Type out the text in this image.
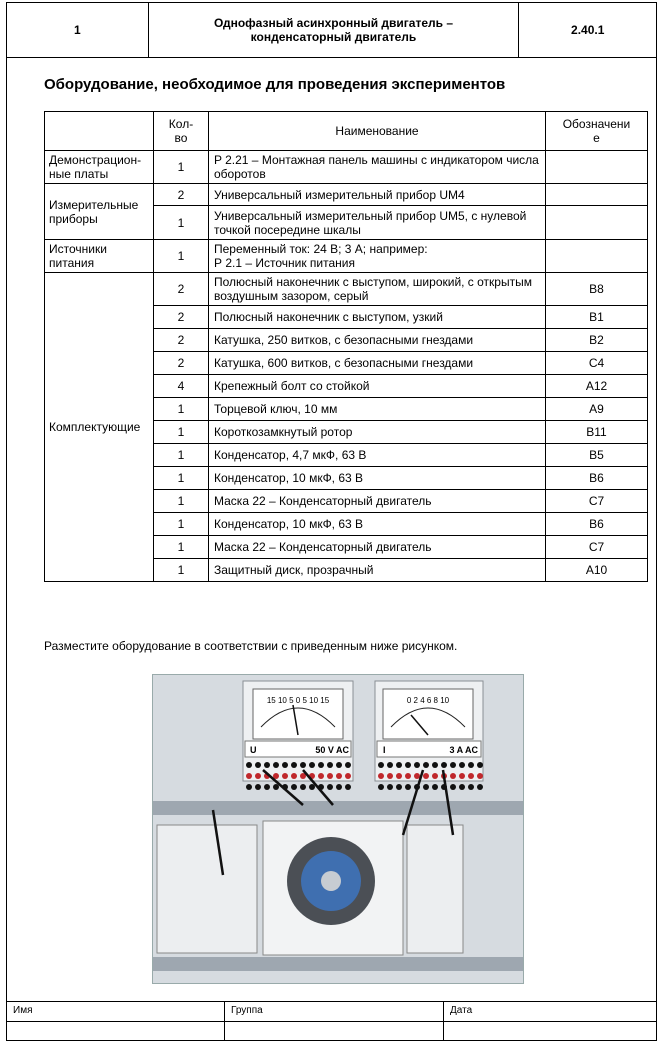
1	Однофазный асинхронный двигатель –
конденсаторный двигатель	2.40.1
Оборудование, необходимое для проведения экспериментов
	Кол-
во	Наименование	Обозначени
е
Демонстрацион-
ные платы	1	P 2.21 – Монтажная панель машины с индикатором числа оборотов	
Измерительные приборы	2	Универсальный измерительный прибор UM4	
	1	Универсальный измерительный прибор UM5, с нулевой точкой посередине шкалы	
Источники питания	1	Переменный ток: 24 В; 3 А; например:
Р 2.1 – Источник питания	
Комплектующие	2	Полюсный наконечник с выступом, широкий, с открытым воздушным зазором, серый	B8
	2	Полюсный наконечник с выступом, узкий	B1
	2	Катушка, 250 витков, с безопасными гнездами	B2
	2	Катушка, 600 витков, с безопасными гнездами	C4
	4	Крепежный болт со стойкой	A12
	1	Торцевой ключ, 10 мм	A9
	1	Короткозамкнутый ротор	B11
	1	Конденсатор, 4,7 мкФ, 63 В	B5
	1	Конденсатор, 10 мкФ, 63 В	B6
	1	Маска 22 – Конденсаторный двигатель	C7
	1	Конденсатор, 10 мкФ, 63 В	B6
	1	Маска 22 – Конденсаторный двигатель	C7
	1	Защитный диск, прозрачный	A10
Разместите оборудование в соответствии с приведенным ниже рисунком.
15 10 5 0 5 10 15	0 2 4 6 8 10
U	50 V AC	I	3 A AC
Имя	Группа	Дата
